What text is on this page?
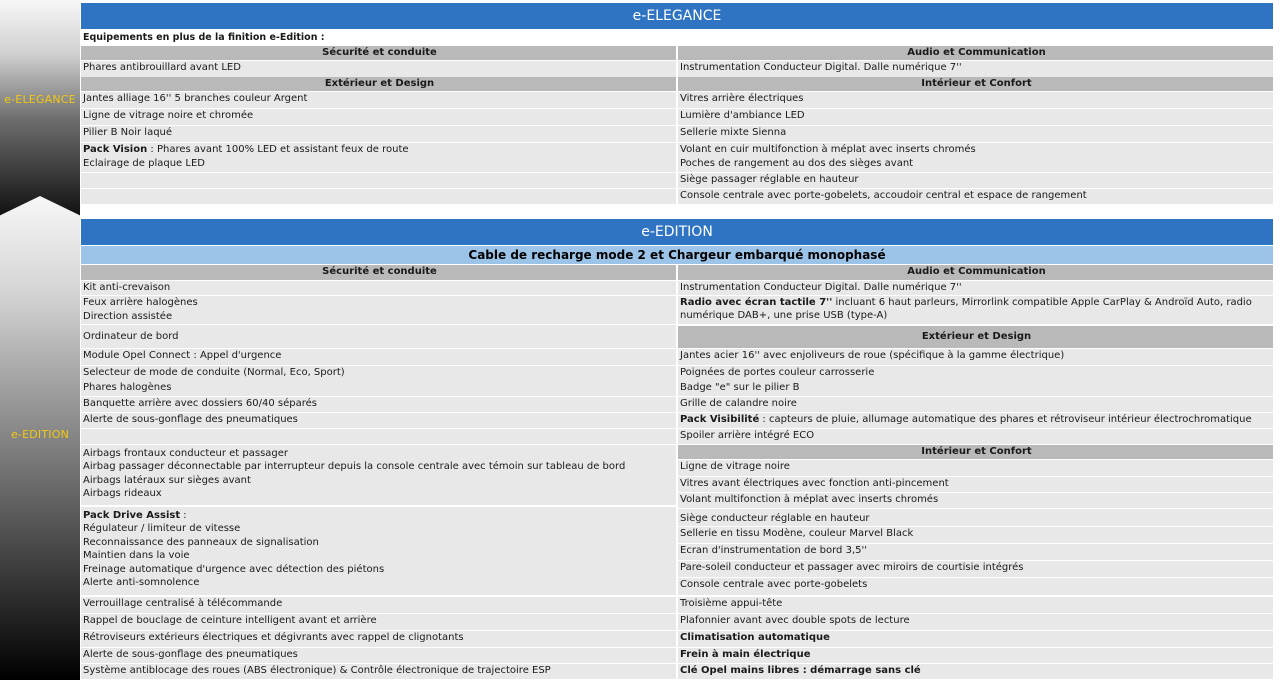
e-ELEGANCE
e-EDITION
e-ELEGANCE
Equipements en plus de la finition e-Edition :
Sécurité et conduite
Phares antibrouillard avant LED
Extérieur et Design
Jantes alliage 16'' 5 branches couleur Argent
Ligne de vitrage noire et chromée
Pilier B Noir laqué
Pack Vision : Phares avant 100% LED et assistant feux de route
Eclairage de plaque LED
Audio et Communication
Instrumentation Conducteur Digital. Dalle numérique 7''
Intérieur et Confort
Vitres arrière électriques
Lumière d'ambiance LED
Sellerie mixte Sienna
Volant en cuir multifonction à méplat avec inserts chromés
Poches de rangement au dos des sièges avant
Siège passager réglable en hauteur
Console centrale avec porte-gobelets, accoudoir central et espace de rangement
e-EDITION
Cable de recharge mode 2 et Chargeur embarqué monophasé
Sécurité et conduite
Kit anti-crevaison
Feux arrière halogènes
Direction assistée
Ordinateur de bord
Module Opel Connect : Appel d'urgence
Selecteur de mode de conduite (Normal, Eco, Sport)
Phares halogènes
Banquette arrière avec dossiers 60/40 séparés
Alerte de sous-gonflage des pneumatiques
Airbags frontaux conducteur et passager
Airbag passager déconnectable par interrupteur depuis la console centrale avec témoin sur tableau de bord
Airbags latéraux sur sièges avant
Airbags rideaux
Pack Drive Assist :
Régulateur / limiteur de vitesse
Reconnaissance des panneaux de signalisation
Maintien dans la voie
Freinage automatique d'urgence avec détection des piétons
Alerte anti-somnolence
Verrouillage centralisé à télécommande
Rappel de bouclage de ceinture intelligent avant et arrière
Rétroviseurs extérieurs électriques et dégivrants avec rappel de clignotants
Alerte de sous-gonflage des pneumatiques
Système antiblocage des roues (ABS électronique) & Contrôle électronique de trajectoire ESP
Audio et Communication
Instrumentation Conducteur Digital. Dalle numérique 7''
Radio avec écran tactile 7'' incluant 6 haut parleurs, Mirrorlink compatible Apple CarPlay & Androïd Auto, radio numérique DAB+, une prise USB (type-A)
Extérieur et Design
Jantes acier 16'' avec enjoliveurs de roue (spécifique à la gamme électrique)
Poignées de portes couleur carrosserie
Badge "e" sur le pilier B
Grille de calandre noire
Pack Visibilité : capteurs de pluie, allumage automatique des phares et rétroviseur intérieur électrochromatique
Spoiler arrière intégré ECO
Intérieur et Confort
Ligne de vitrage noire
Vitres avant électriques avec fonction anti-pincement
Volant multifonction à méplat avec inserts chromés
Siège conducteur réglable en hauteur
Sellerie en tissu Modène, couleur Marvel Black
Ecran d'instrumentation de bord 3,5''
Pare-soleil conducteur et passager avec miroirs de courtisie intégrés
Console centrale avec porte-gobelets
Troisième appui-tête
Plafonnier avant avec double spots de lecture
Climatisation automatique
Frein à main électrique
Clé Opel mains libres : démarrage sans clé
